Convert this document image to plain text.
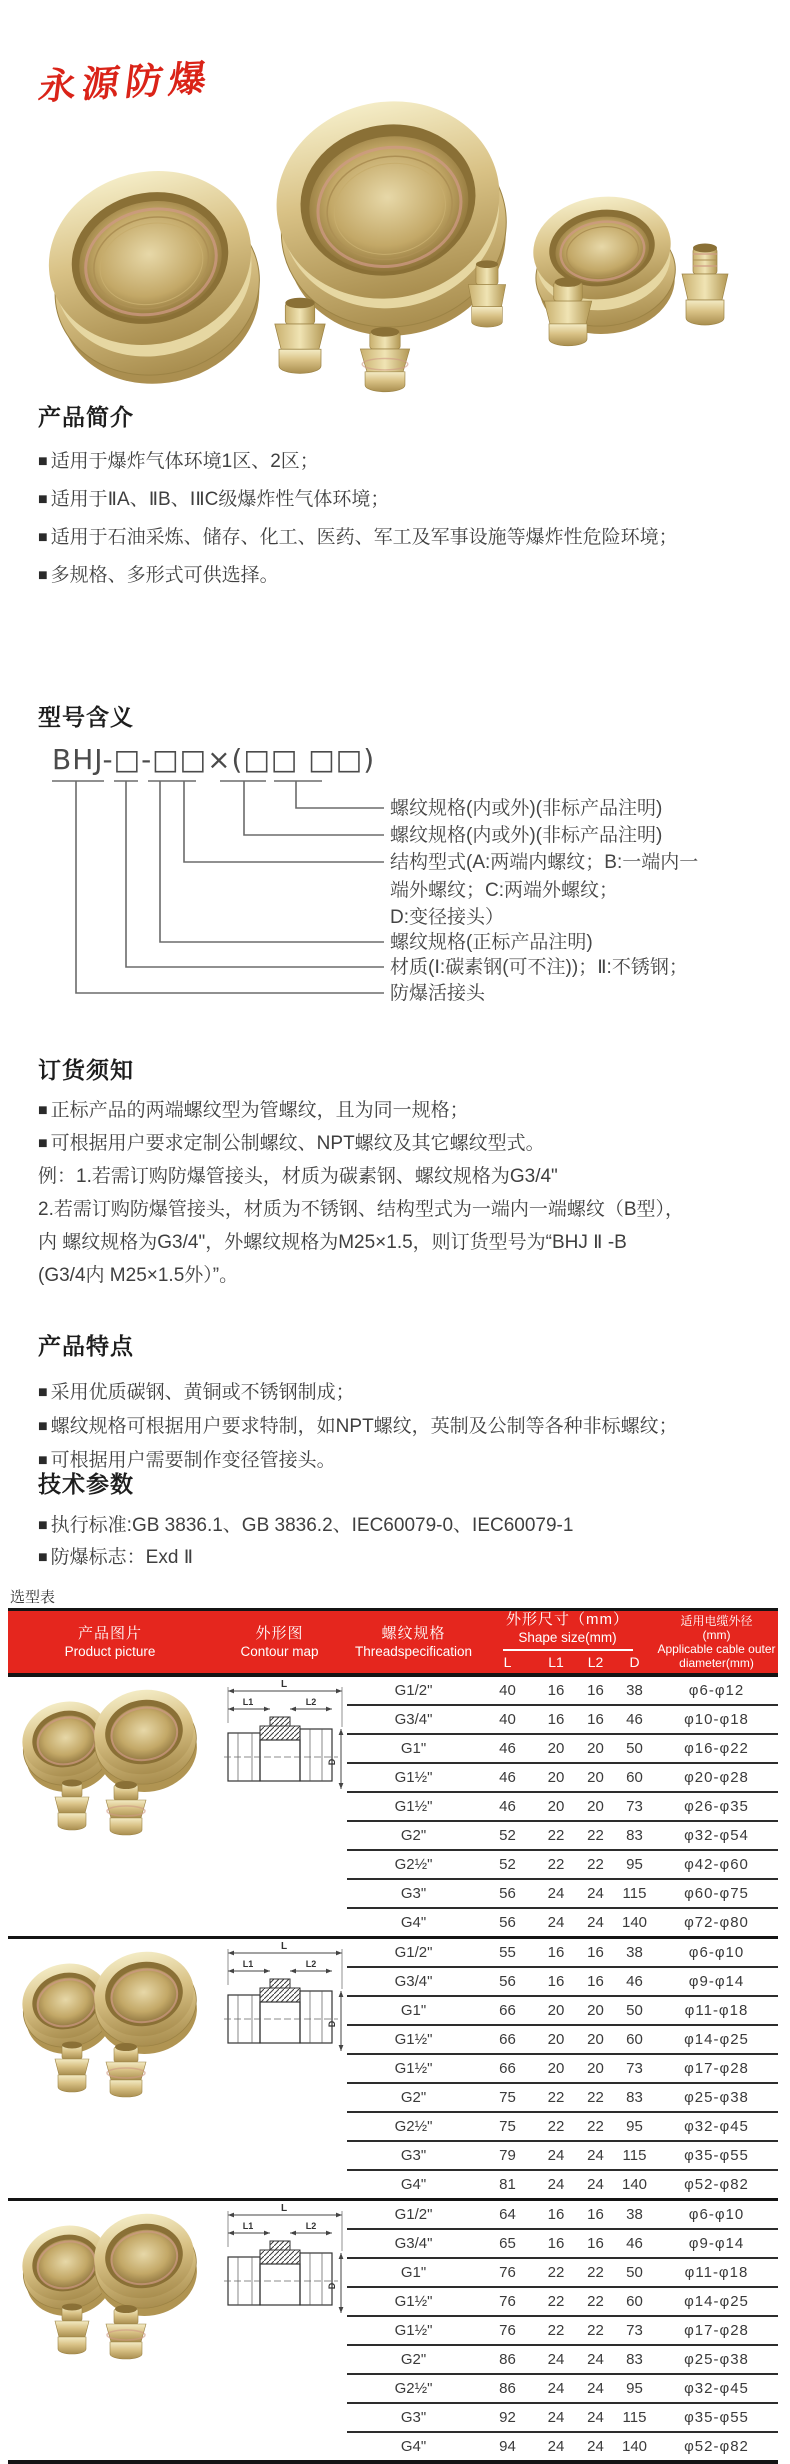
永源防爆
产品简介
■ 适用于爆炸气体环境1区、2区；
■ 适用于ⅡA、ⅡB、ⅠⅡC级爆炸性气体环境；
■ 适用于石油采炼、储存、化工、医药、军工及军事设施等爆炸性危险环境；
■ 多规格、多形式可供选择。
型号含义
BHJ-□-□□×(□□ □□)
螺纹规格(内或外)(非标产品注明)
螺纹规格(内或外)(非标产品注明)
结构型式(A:两端内螺纹；B:一端内一
端外螺纹；C:两端外螺纹；
D:变径接头）
螺纹规格(正标产品注明)
材质(Ⅰ:碳素钢(可不注))；Ⅱ:不锈钢；
防爆活接头
订货须知
■ 正标产品的两端螺纹型为管螺纹，且为同一规格；
■ 可根据用户要求定制公制螺纹、NPT螺纹及其它螺纹型式。
例：1.若需订购防爆管接头，材质为碳素钢、螺纹规格为G3/4"
2.若需订购防爆管接头，材质为不锈钢、结构型式为一端内一端螺纹（B型），
内 螺纹规格为G3/4"，外螺纹规格为M25×1.5，则订货型号为“BHJ Ⅱ -B
(G3/4内 M25×1.5外）”。
产品特点
■ 采用优质碳钢、黄铜或不锈钢制成；
■ 螺纹规格可根据用户要求特制，如NPT螺纹，英制及公制等各种非标螺纹；
■ 可根据用户需要制作变径管接头。
技术参数
■ 执行标准:GB 3836.1、GB 3836.2、IEC60079-0、IEC60079-1
■ 防爆标志：Exd Ⅱ
选型表
产品图片
Product picture

外形图
Contour map

螺纹规格
Threadspecification

外形尺寸（mm）
Shape size(mm)

适用电缆外径
(mm)
Applicable cable outer
diameter(mm)

			L	L1	L2	D	

L
L1 L2
D	G1/2"	40	16	16	38	φ6-φ12
		G3/4"	40	16	16	46	φ10-φ18
		G1"	46	20	20	50	φ16-φ22
		G1½"	46	20	20	60	φ20-φ28
		G1½"	46	20	20	73	φ26-φ35
		G2"	52	22	22	83	φ32-φ54
		G2½"	52	22	22	95	φ42-φ60
		G3"	56	24	24	115	φ60-φ75
		G4"	56	24	24	140	φ72-φ80

L
L1 L2
D	G1/2"	55	16	16	38	φ6-φ10
		G3/4"	56	16	16	46	φ9-φ14
		G1"	66	20	20	50	φ11-φ18
		G1½"	66	20	20	60	φ14-φ25
		G1½"	66	20	20	73	φ17-φ28
		G2"	75	22	22	83	φ25-φ38
		G2½"	75	22	22	95	φ32-φ45
		G3"	79	24	24	115	φ35-φ55
		G4"	81	24	24	140	φ52-φ82

L
L1 L2
D	G1/2"	64	16	16	38	φ6-φ10
		G3/4"	65	16	16	46	φ9-φ14
		G1"	76	22	22	50	φ11-φ18
		G1½"	76	22	22	60	φ14-φ25
		G1½"	76	22	22	73	φ17-φ28
		G2"	86	24	24	83	φ25-φ38
		G2½"	86	24	24	95	φ32-φ45
		G3"	92	24	24	115	φ35-φ55
		G4"	94	24	24	140	φ52-φ82
